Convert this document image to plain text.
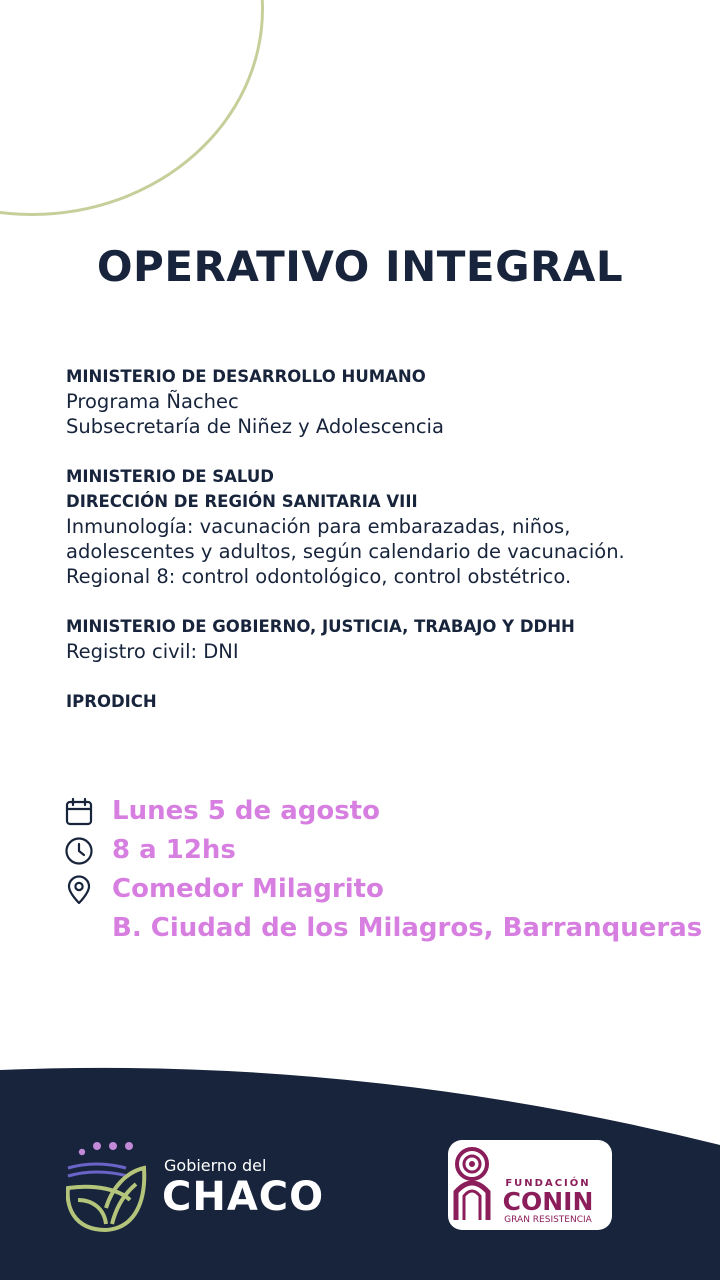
OPERATIVO INTEGRAL
MINISTERIO DE DESARROLLO HUMANO
Programa Ñachec
Subsecretaría de Niñez y Adolescencia
MINISTERIO DE SALUD
DIRECCIÓN DE REGIÓN SANITARIA VIII
Inmunología: vacunación para embarazadas, niños,
adolescentes y adultos, según calendario de vacunación.
Regional 8: control odontológico, control obstétrico.
MINISTERIO DE GOBIERNO, JUSTICIA, TRABAJO Y DDHH
Registro civil: DNI
IPRODICH
Lunes 5 de agosto
8 a 12hs
Comedor Milagrito
B. Ciudad de los Milagros, Barranqueras
Gobierno del
CHACO	FUNDACIÓN
CONIN
GRAN RESISTENCIA
